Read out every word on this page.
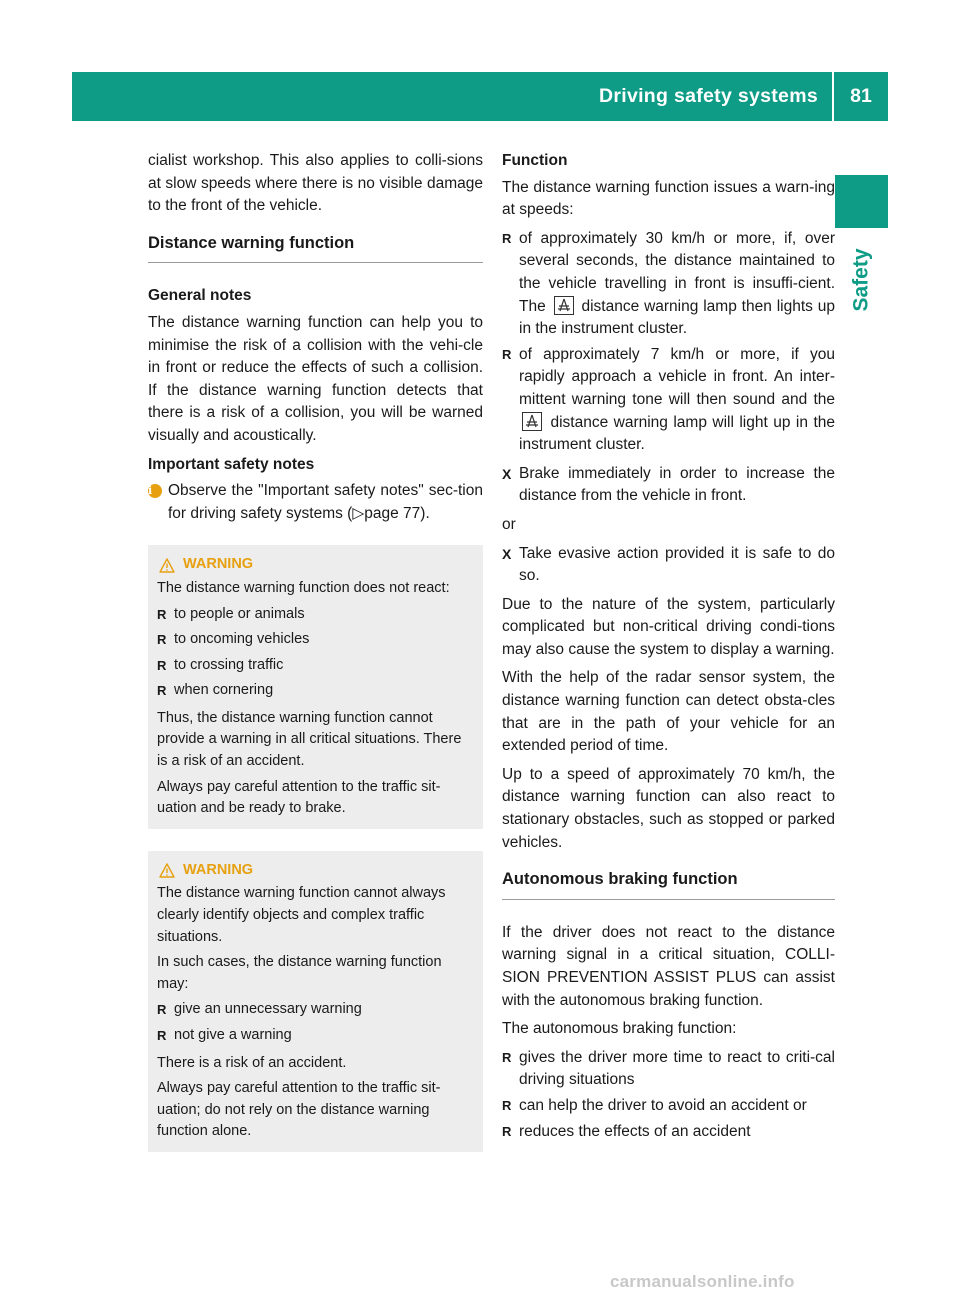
Driving safety systems	81
Safety

cialist workshop. This also applies to colli-sions at slow speeds where there is no visible damage to the front of the vehicle.

Distance warning function
General notes

The distance warning function can help you to minimise the risk of a collision with the vehi-cle in front or reduce the effects of such a collision. If the distance warning function detects that there is a risk of a collision, you will be warned visually and acoustically.

Important safety notes

i	Observe the "Important safety notes" sec-tion for driving safety systems (▷page 77).

WARNING

The distance warning function does not react:

R to people or animals
R to oncoming vehicles
R to crossing traffic
R when cornering

Thus, the distance warning function cannot provide a warning in all critical situations. There is a risk of an accident.

Always pay careful attention to the traffic sit-uation and be ready to brake.

WARNING

The distance warning function cannot always clearly identify objects and complex traffic situations.

In such cases, the distance warning function may:

R give an unnecessary warning
R not give a warning

There is a risk of an accident.

Always pay careful attention to the traffic sit-uation; do not rely on the distance warning function alone.

Function

The distance warning function issues a warn-ing at speeds:

R of approximately 30 km/h or more, if, over several seconds, the distance maintained to the vehicle travelling in front is insuffi-cient. The distance warning lamp then lights up in the instrument cluster.
R of approximately 7 km/h or more, if you rapidly approach a vehicle in front. An inter-mittent warning tone will then sound and the  distance warning lamp will light up in the instrument cluster.
X Brake immediately in order to increase the distance from the vehicle in front.

or

X Take evasive action provided it is safe to do so.

Due to the nature of the system, particularly complicated but non-critical driving condi-tions may also cause the system to display a warning.

With the help of the radar sensor system, the distance warning function can detect obsta-cles that are in the path of your vehicle for an extended period of time.

Up to a speed of approximately 70 km/h, the distance warning function can also react to stationary obstacles, such as stopped or parked vehicles.

Autonomous braking function

If the driver does not react to the distance warning signal in a critical situation, COLLI-SION PREVENTION ASSIST PLUS can assist with the autonomous braking function.

The autonomous braking function:

R gives the driver more time to react to criti-cal driving situations
R can help the driver to avoid an accident or
R reduces the effects of an accident
carmanualsonline.info
